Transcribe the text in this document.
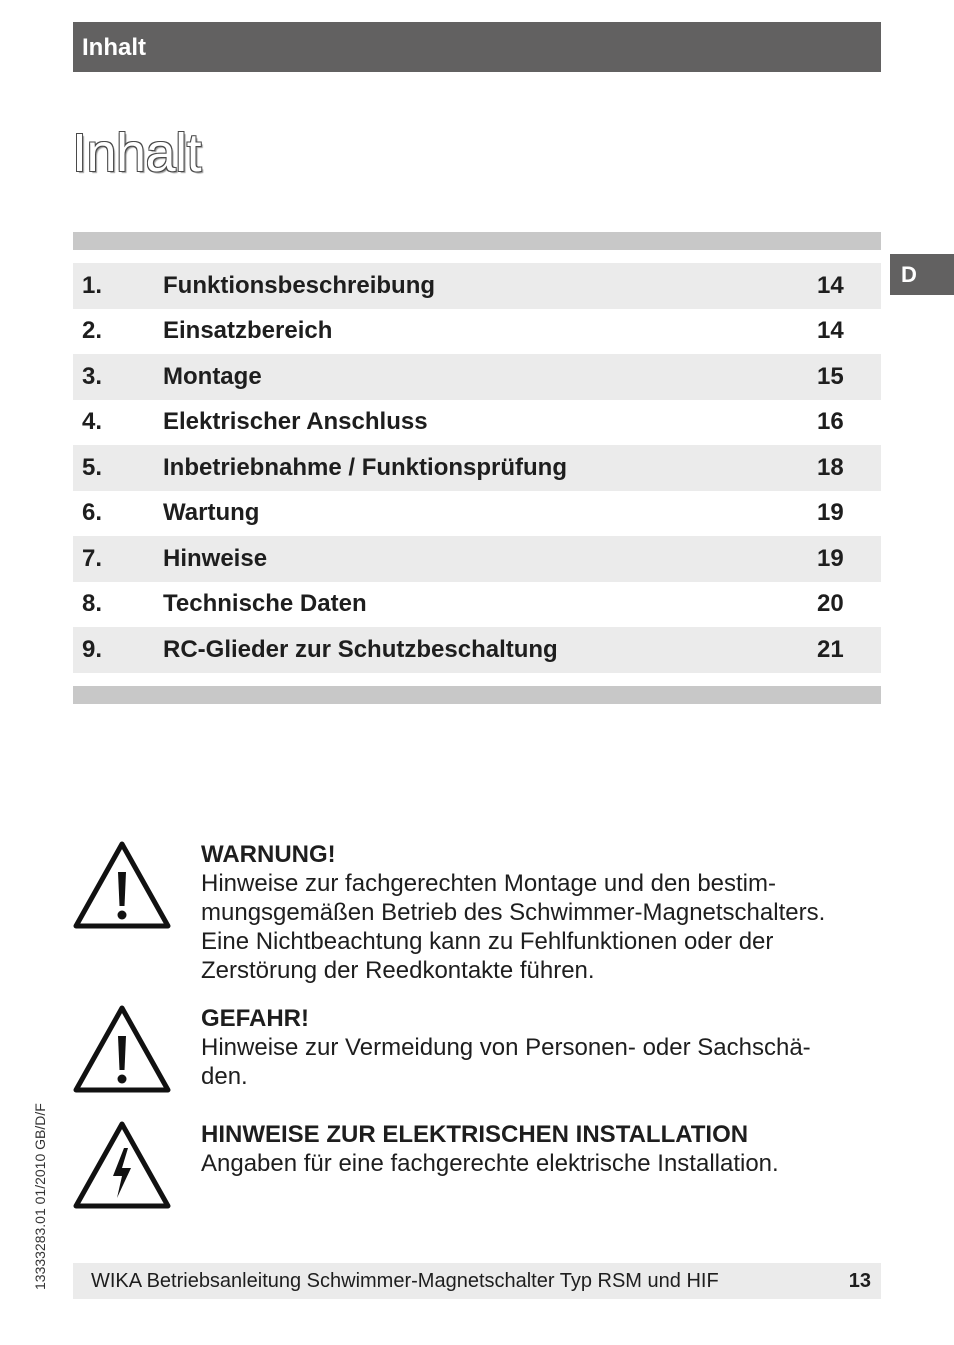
Inhalt
Inhalt
D
1.	Funktionsbeschreibung	14
2.	Einsatzbereich	14
3.	Montage	15
4.	Elektrischer Anschluss	16
5.	Inbetriebnahme / Funktionsprüfung	18
6.	Wartung	19
7.	Hinweise	19
8.	Technische Daten	20
9.	RC-Glieder zur Schutzbeschaltung	21
WARNUNG!
Hinweise zur fachgerechten Montage und den bestim-
mungsgemäßen Betrieb des Schwimmer-Magnetschalters.
Eine Nichtbeachtung kann zu Fehlfunktionen oder der
Zerstörung der Reedkontakte führen.
GEFAHR!
Hinweise zur Vermeidung von Personen- oder Sachschä-
den.
HINWEISE ZUR ELEKTRISCHEN INSTALLATION
Angaben für eine fachgerechte elektrische Installation.
13333283.01 01/2010 GB/D/F WIKA Betriebsanleitung Schwimmer-Magnetschalter Typ RSM und HIF	13
